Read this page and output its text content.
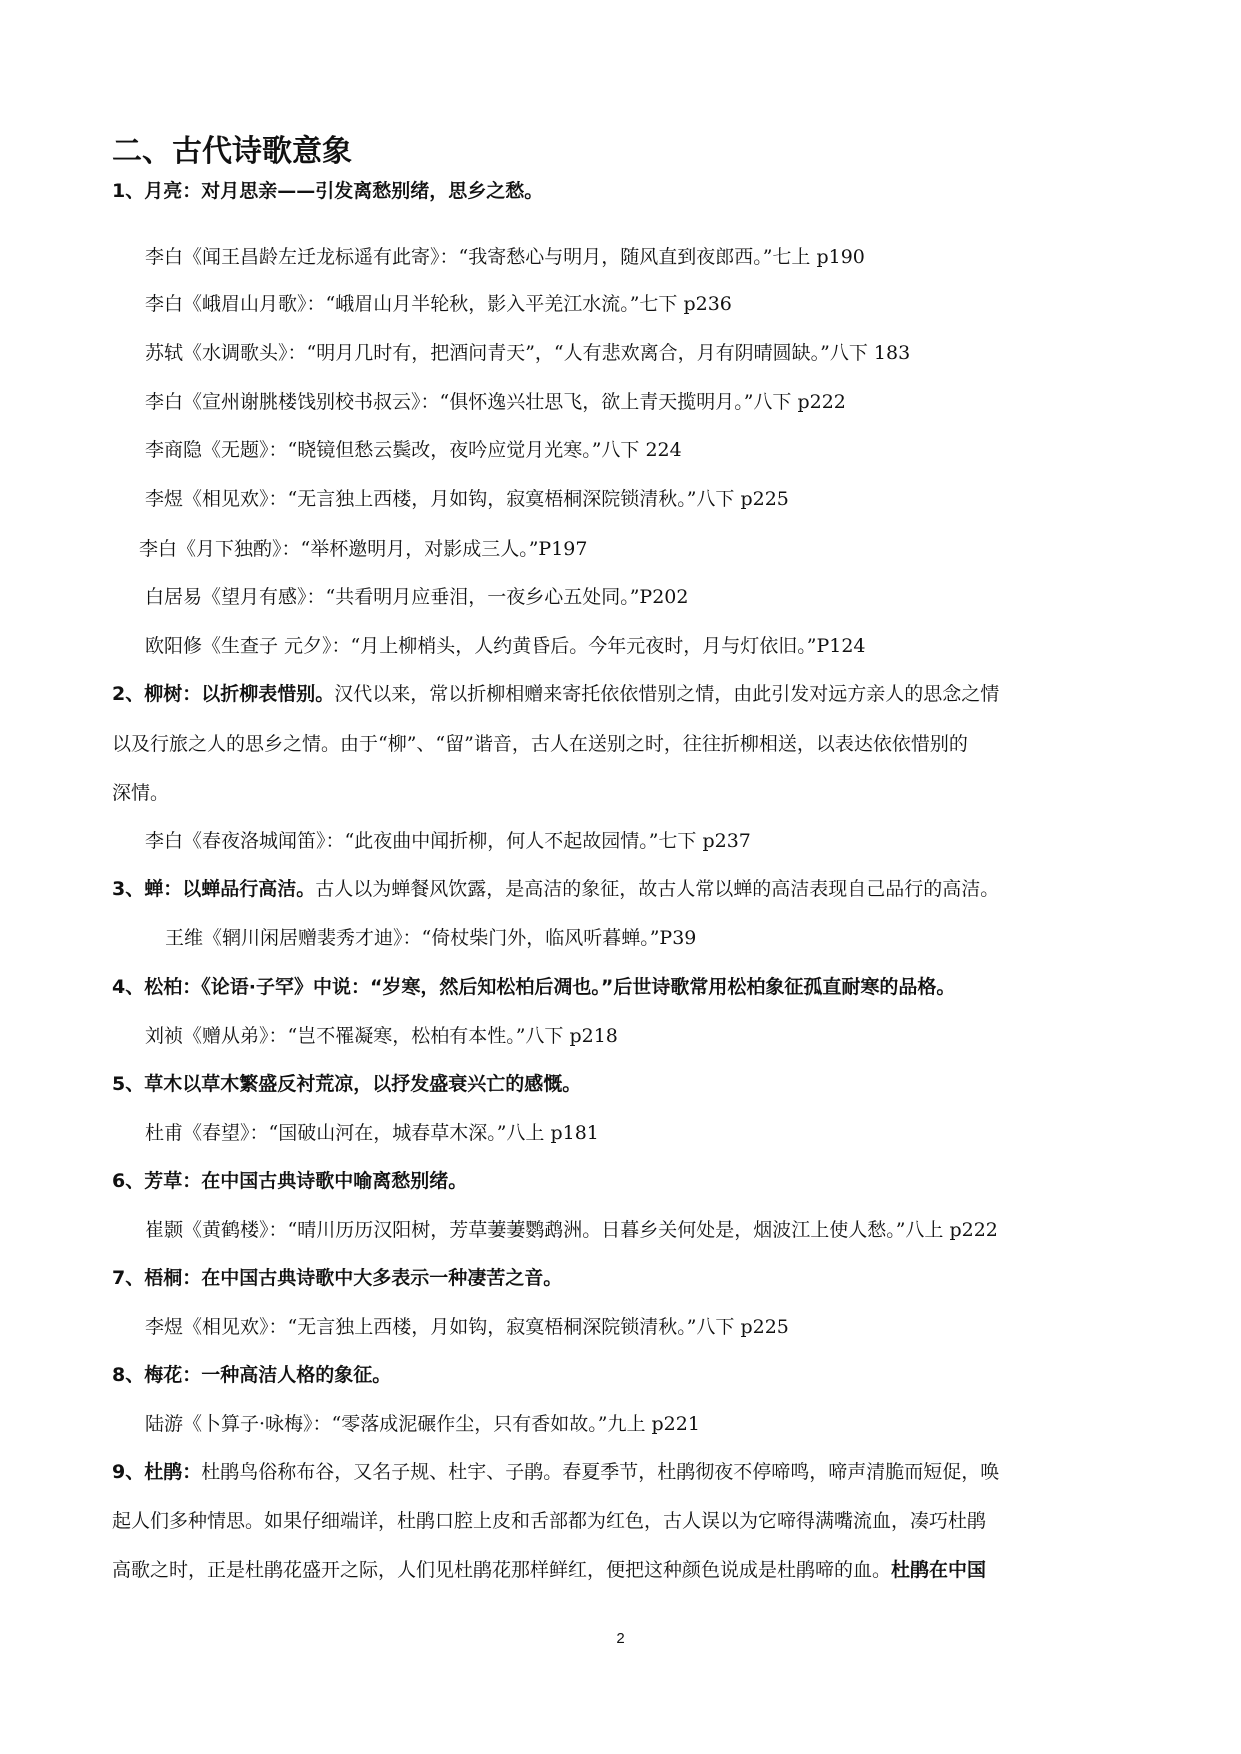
二、古代诗歌意象
1、月亮：对月思亲——引发离愁别绪，思乡之愁。
李白《闻王昌龄左迁龙标遥有此寄》：“我寄愁心与明月，随风直到夜郎西。”七上 p190
李白《峨眉山月歌》：“峨眉山月半轮秋，影入平羌江水流。”七下 p236
苏轼《水调歌头》：“明月几时有，把酒问青天”，“人有悲欢离合，月有阴晴圆缺。”八下 183
李白《宣州谢朓楼饯别校书叔云》：“俱怀逸兴壮思飞，欲上青天揽明月。”八下 p222
李商隐《无题》：“晓镜但愁云鬓改，夜吟应觉月光寒。”八下 224
李煜《相见欢》：“无言独上西楼，月如钩，寂寞梧桐深院锁清秋。”八下 p225
李白《月下独酌》：“举杯邀明月，对影成三人。”P197
白居易《望月有感》：“共看明月应垂泪，一夜乡心五处同。”P202
欧阳修《生查子 元夕》：“月上柳梢头，人约黄昏后。今年元夜时，月与灯依旧。”P124
2、柳树：以折柳表惜别。汉代以来，常以折柳相赠来寄托依依惜别之情，由此引发对远方亲人的思念之情
以及行旅之人的思乡之情。由于“柳”、“留”谐音，古人在送别之时，往往折柳相送，以表达依依惜别的
深情。
李白《春夜洛城闻笛》：“此夜曲中闻折柳，何人不起故园情。”七下 p237
3、蝉：以蝉品行高洁。古人以为蝉餐风饮露，是高洁的象征，故古人常以蝉的高洁表现自己品行的高洁。
王维《辋川闲居赠裴秀才迪》：“倚杖柴门外，临风听暮蝉。”P39
4、松柏：《论语·子罕》中说：“岁寒，然后知松柏后凋也。”后世诗歌常用松柏象征孤直耐寒的品格。
刘祯《赠从弟》：“岂不罹凝寒，松柏有本性。”八下 p218
5、草木以草木繁盛反衬荒凉，以抒发盛衰兴亡的感慨。
杜甫《春望》：“国破山河在，城春草木深。”八上 p181
6、芳草：在中国古典诗歌中喻离愁别绪。
崔颢《黄鹤楼》：“晴川历历汉阳树，芳草萋萋鹦鹉洲。日暮乡关何处是，烟波江上使人愁。”八上 p222
7、梧桐：在中国古典诗歌中大多表示一种凄苦之音。
李煜《相见欢》：“无言独上西楼，月如钩，寂寞梧桐深院锁清秋。”八下 p225
8、梅花：一种高洁人格的象征。
陆游《卜算子·咏梅》：“零落成泥碾作尘，只有香如故。”九上 p221
9、杜鹃：杜鹃鸟俗称布谷，又名子规、杜宇、子鹃。春夏季节，杜鹃彻夜不停啼鸣，啼声清脆而短促，唤
起人们多种情思。如果仔细端详，杜鹃口腔上皮和舌部都为红色，古人误以为它啼得满嘴流血，凑巧杜鹃
高歌之时，正是杜鹃花盛开之际，人们见杜鹃花那样鲜红，便把这种颜色说成是杜鹃啼的血。杜鹃在中国
2
